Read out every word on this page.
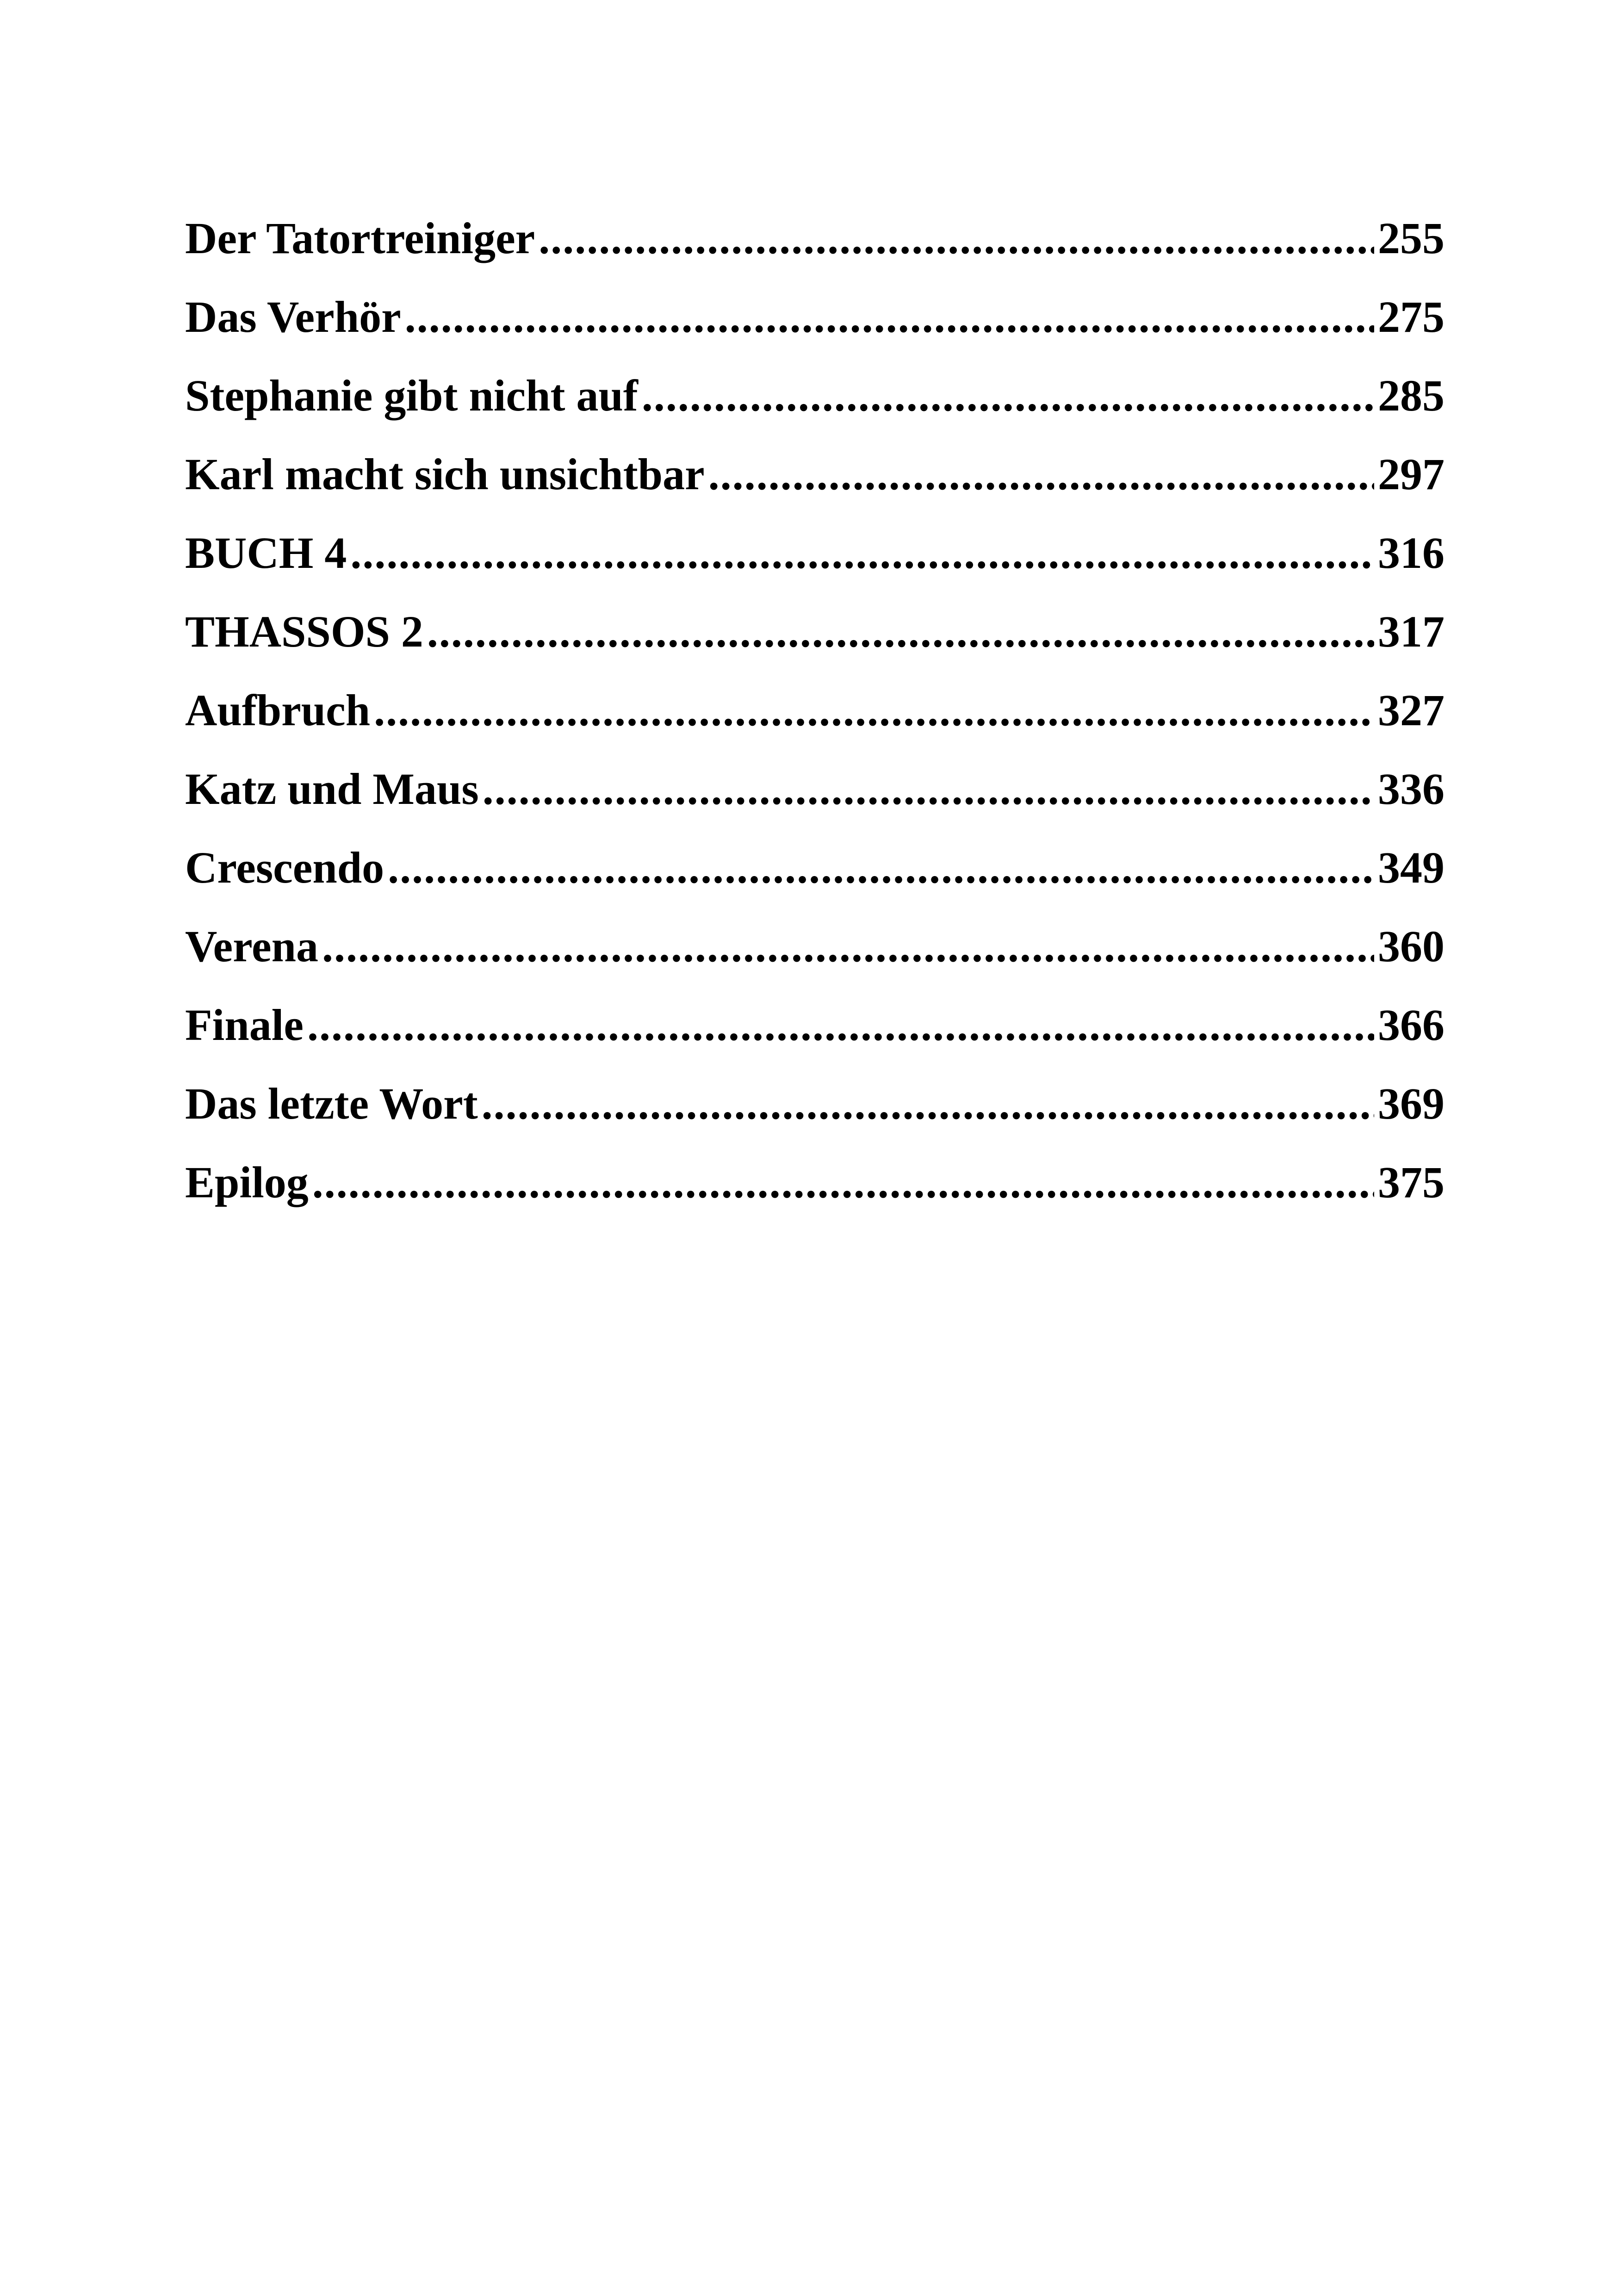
Der Tatortreiniger .....	255
Das Verhör .....	275
Stephanie gibt nicht auf .....	285
Karl macht sich unsichtbar .....	297
BUCH 4 .....	316
THASSOS 2 .....	317
Aufbruch .....	327
Katz und Maus .....	336
Crescendo .....	349
Verena .....	360
Finale .....	366
Das letzte Wort .....	369
Epilog .....	375
